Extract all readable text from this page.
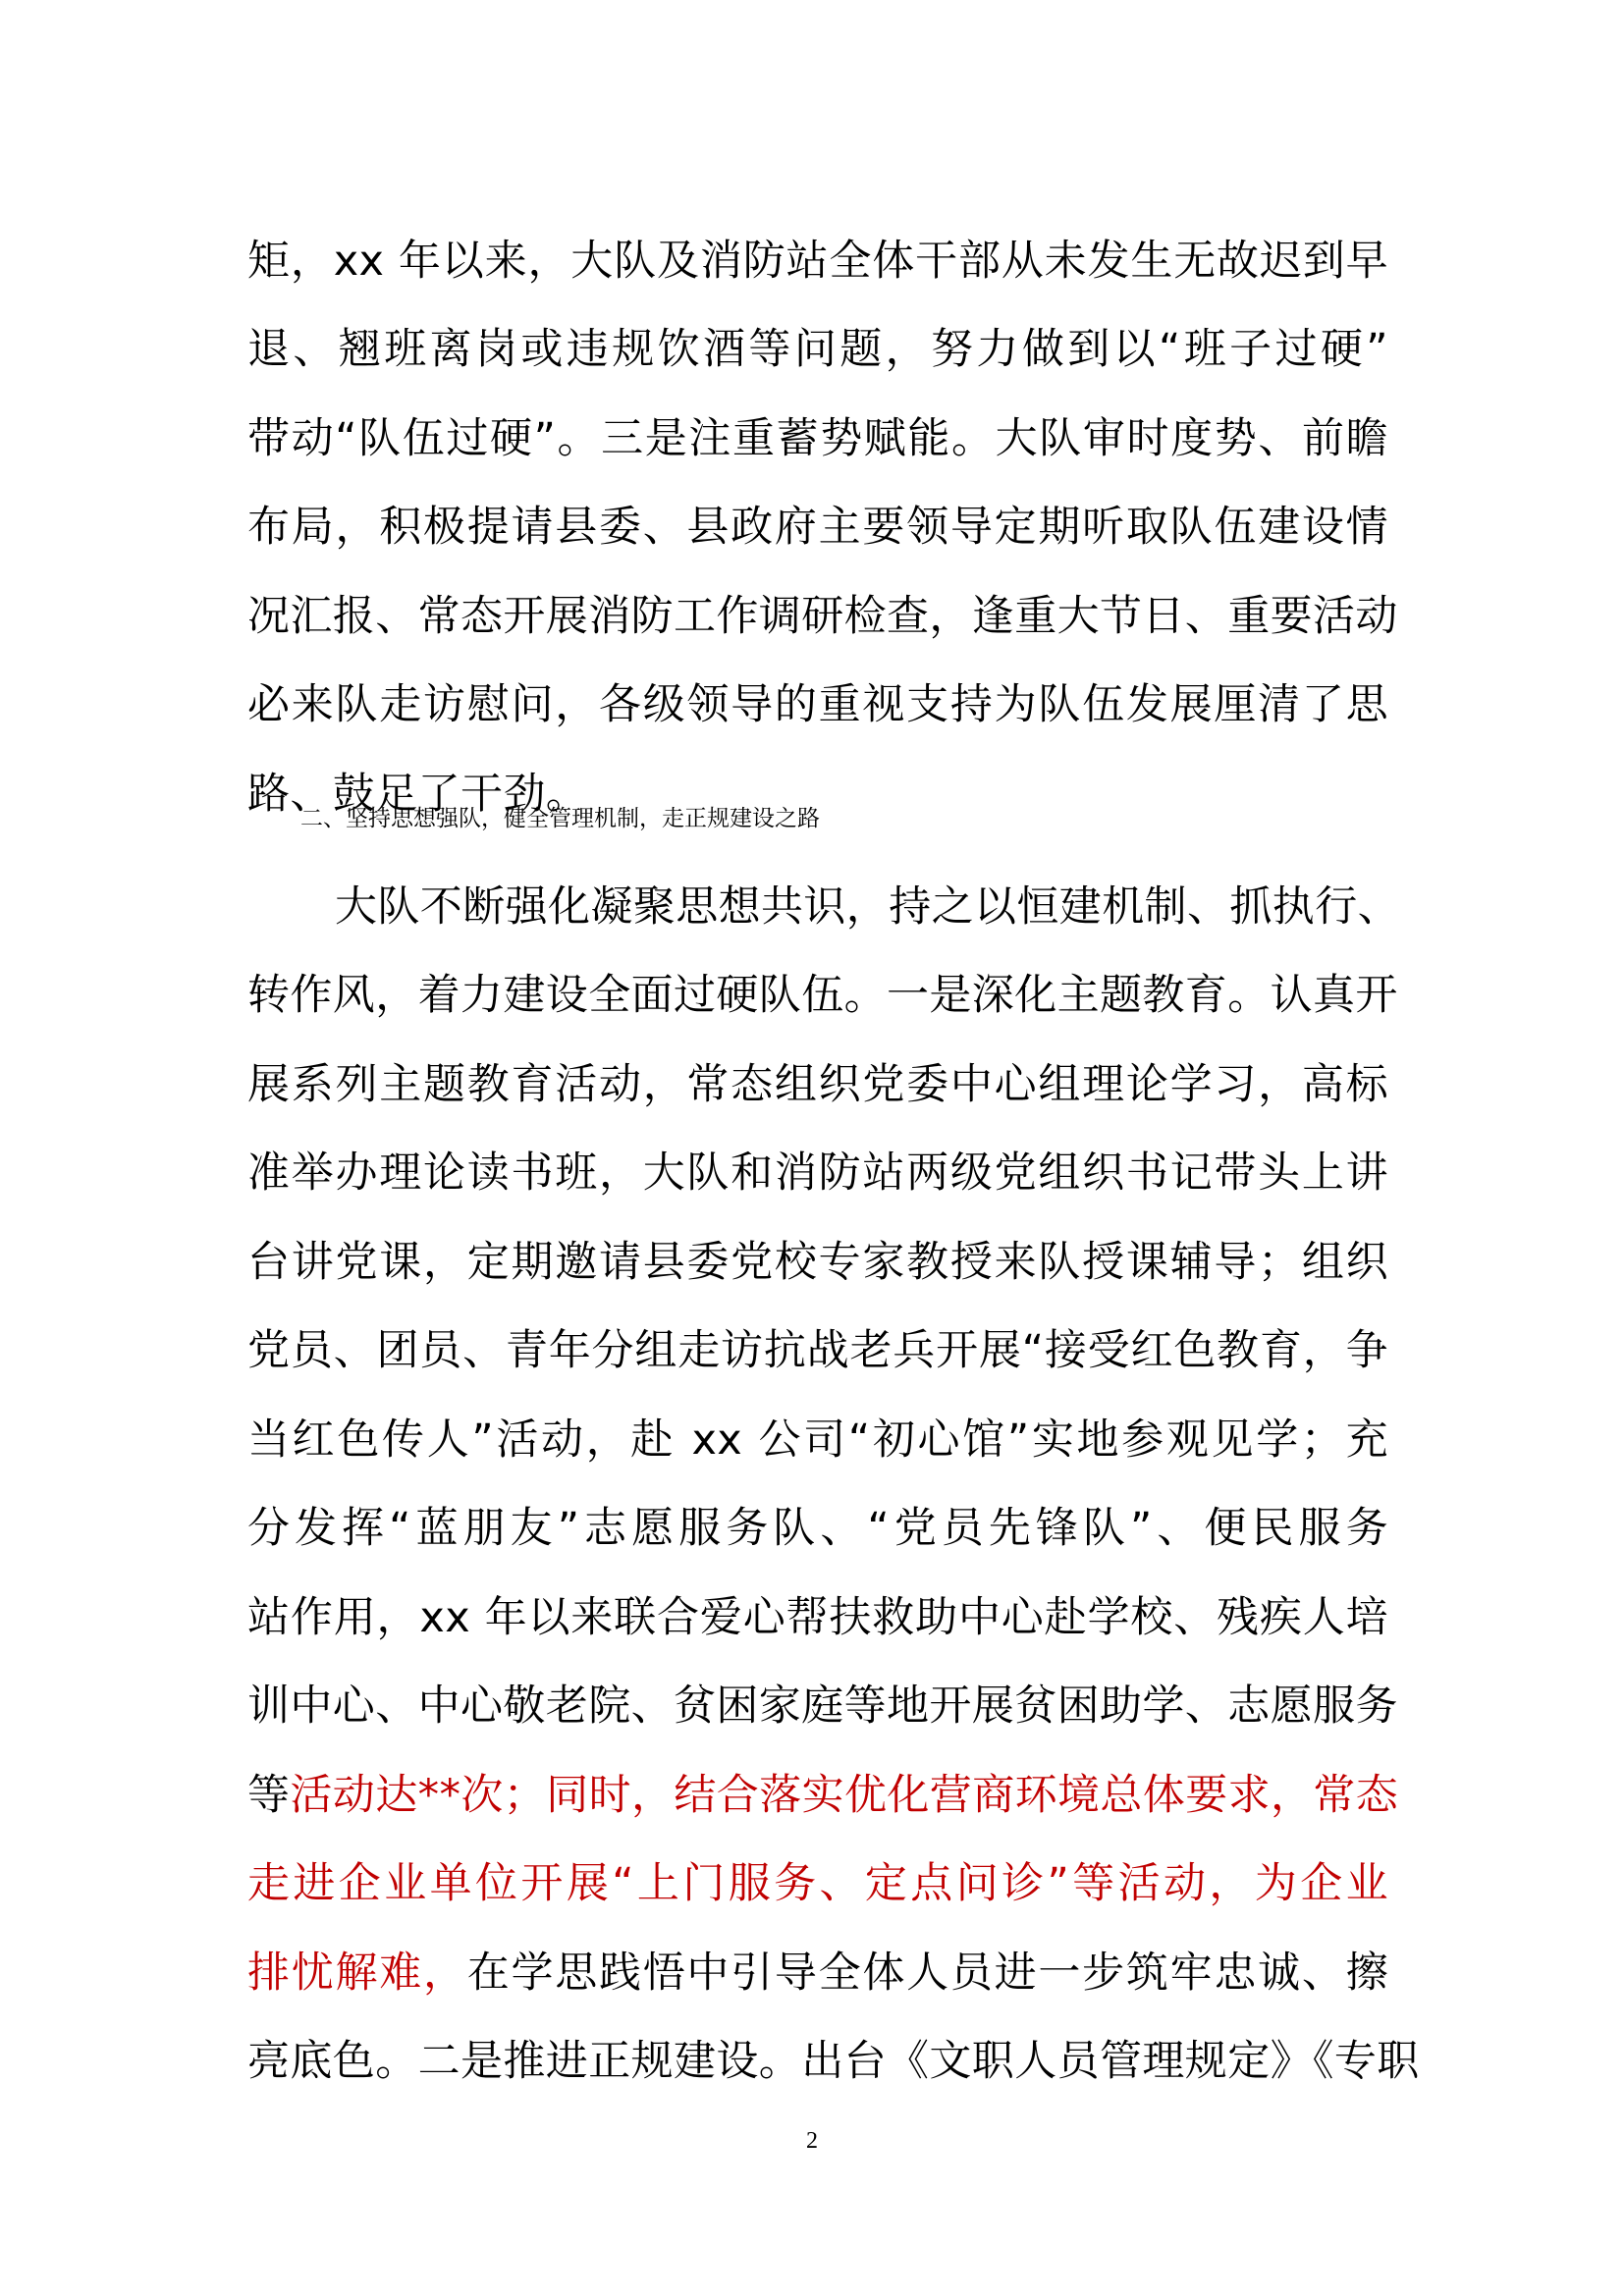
矩，xx 年以来，大队及消防站全体干部从未发生无故迟到早
退、翘班离岗或违规饮酒等问题，努力做到以“班子过硬”
带动“队伍过硬”。三是注重蓄势赋能。大队审时度势、前瞻
布局，积极提请县委、县政府主要领导定期听取队伍建设情
况汇报、常态开展消防工作调研检查，逢重大节日、重要活动
必来队走访慰问，各级领导的重视支持为队伍发展厘清了思
路、鼓足了干劲。
二、坚持思想强队，健全管理机制，走正规建设之路
大队不断强化凝聚思想共识，持之以恒建机制、抓执行、
转作风，着力建设全面过硬队伍。一是深化主题教育。认真开
展系列主题教育活动，常态组织党委中心组理论学习，高标
准举办理论读书班，大队和消防站两级党组织书记带头上讲
台讲党课，定期邀请县委党校专家教授来队授课辅导；组织
党员、团员、青年分组走访抗战老兵开展“接受红色教育，争
当红色传人”活动，赴 xx 公司“初心馆”实地参观见学；充
分发挥“蓝朋友”志愿服务队、“党员先锋队”、便民服务
站作用，xx 年以来联合爱心帮扶救助中心赴学校、残疾人培
训中心、中心敬老院、贫困家庭等地开展贫困助学、志愿服务
等活动达**次；同时，结合落实优化营商环境总体要求，常态
走进企业单位开展“上门服务、定点问诊”等活动，为企业
排忧解难，在学思践悟中引导全体人员进一步筑牢忠诚、擦
亮底色。二是推进正规建设。出台《文职人员管理规定》《专职
2
